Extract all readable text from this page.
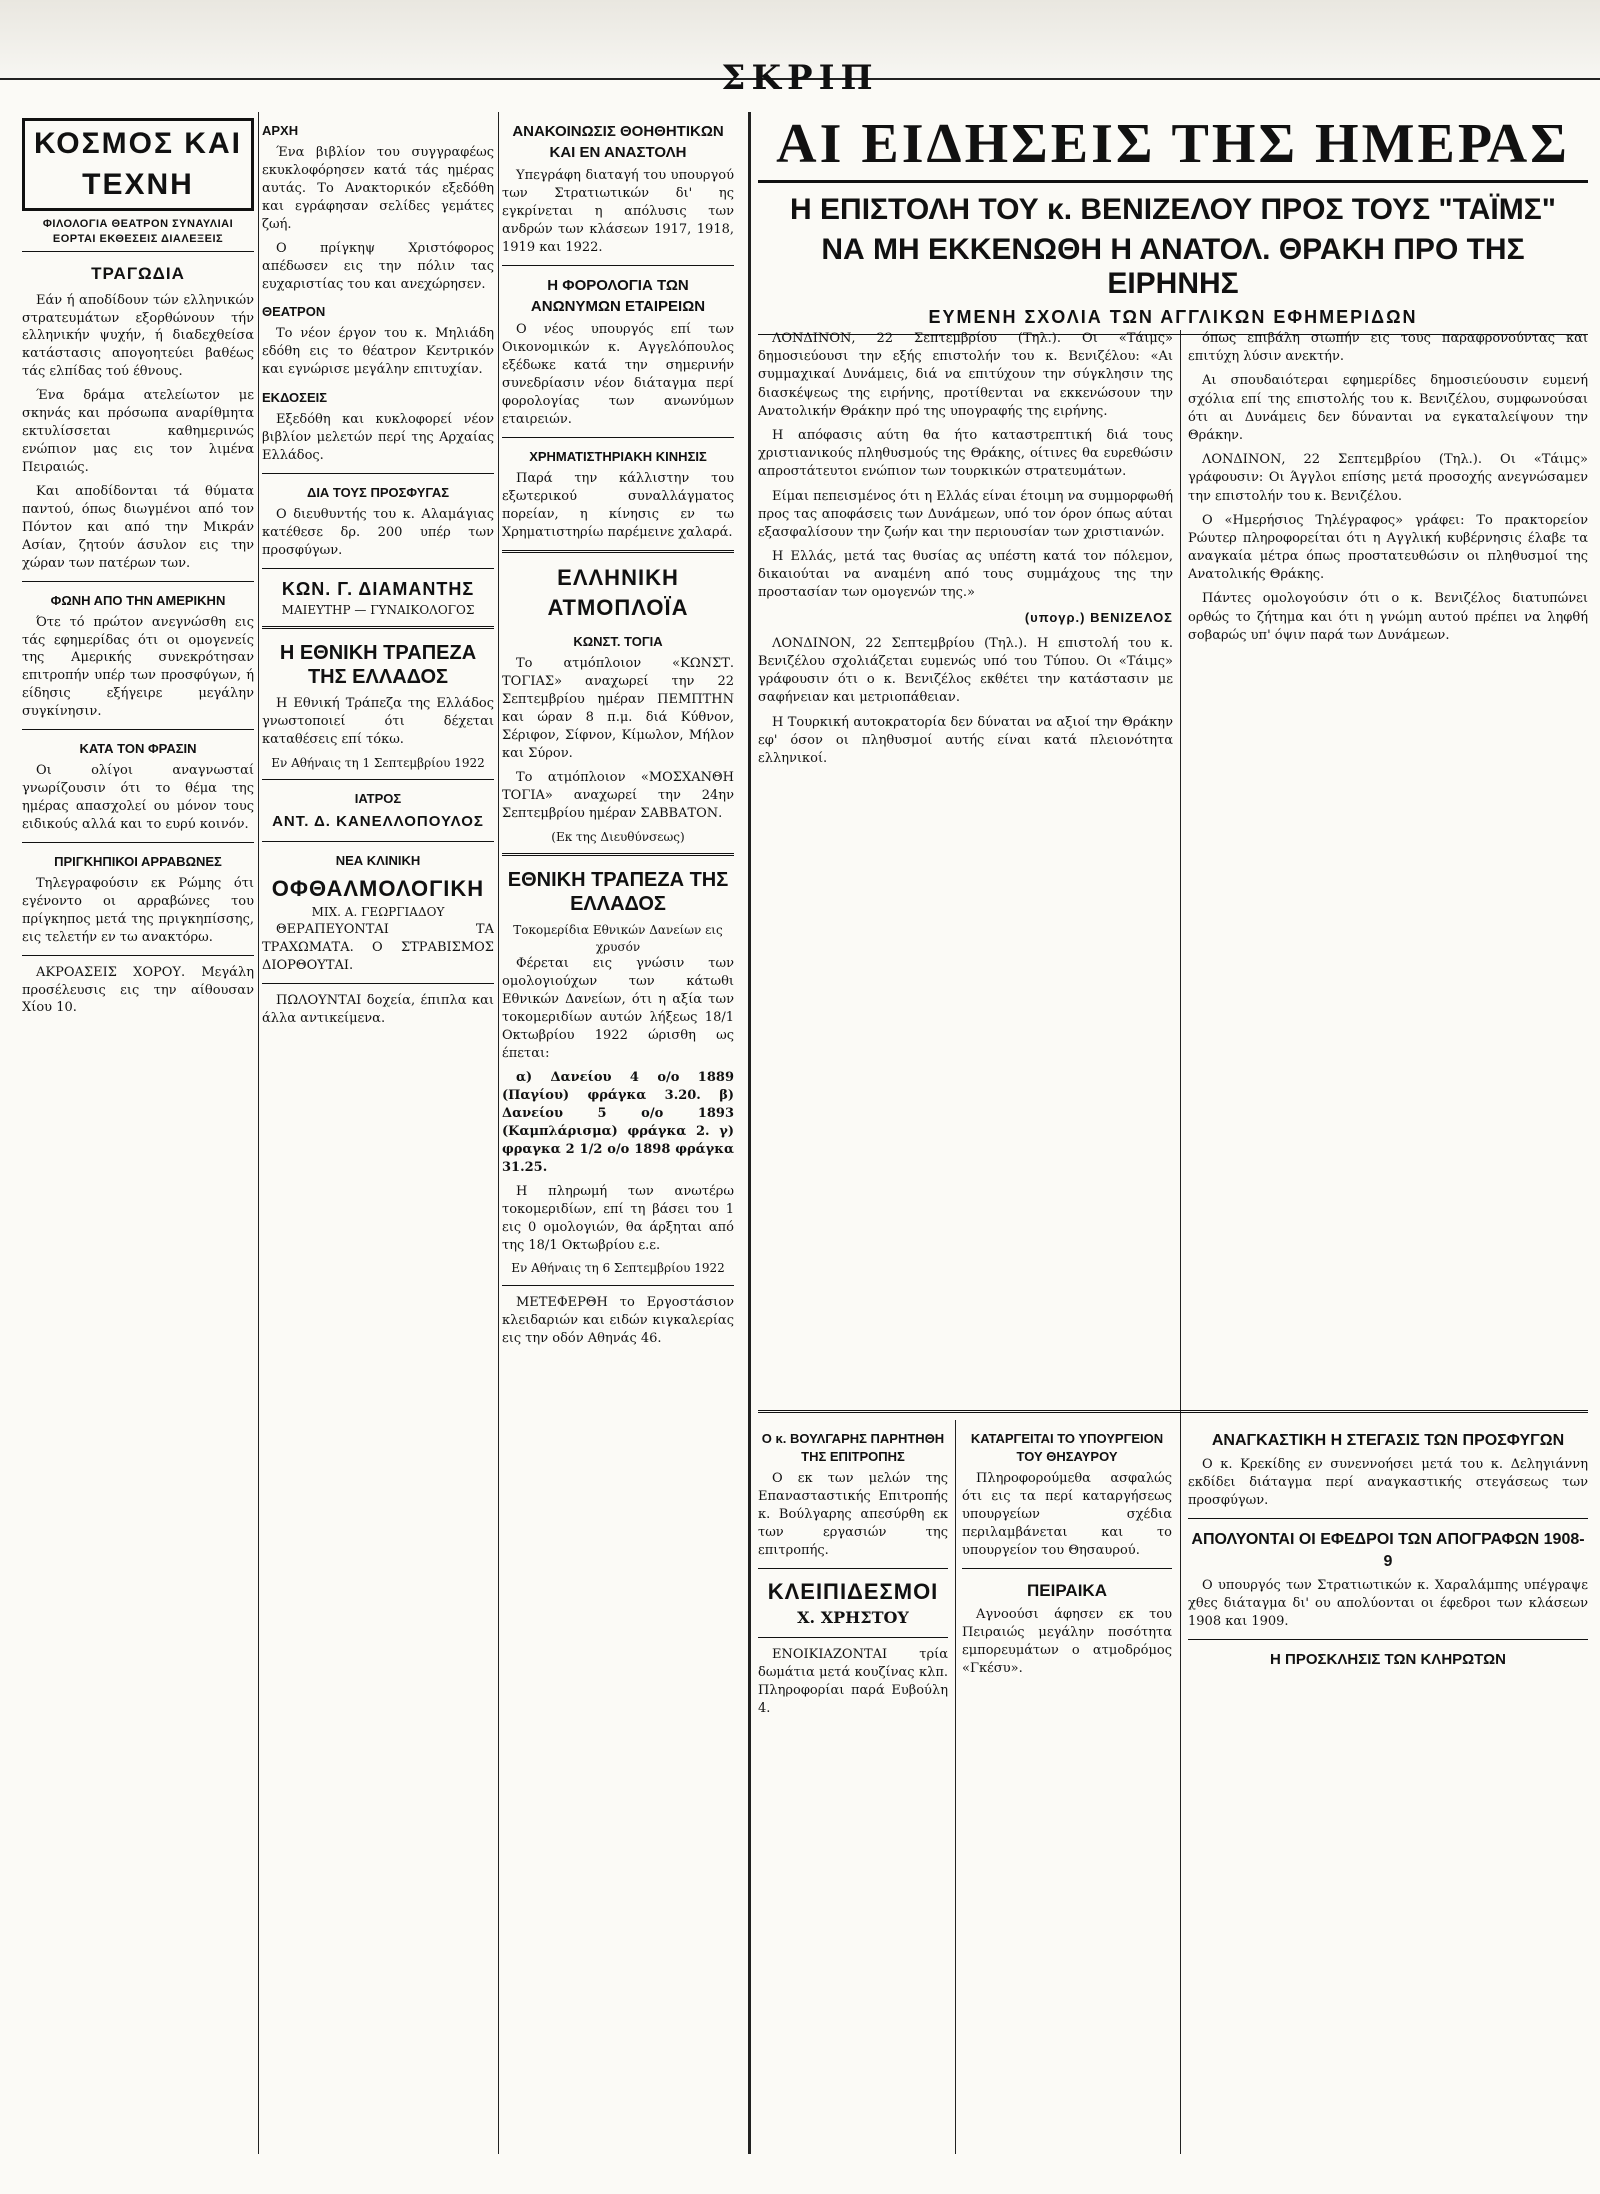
ΣΚΡΙΠ
ΚΟΣΜΟΣ ΚΑΙ ΤΕΧΝΗ
ΦΙΛΟΛΟΓΙΑ ΘΕΑΤΡΟΝ ΣΥΝΑΥΛΙΑΙ ΕΟΡΤΑΙ ΕΚΘΕΣΕΙΣ ΔΙΑΛΕΞΕΙΣ
ΤΡΑΓΩΔΙΑ

Εάν ή αποδίδουν τών ελληνικών στρατευμάτων εξορθώνουν τήν ελληνικήν ψυχήν, ή διαδεχθείσα κατάστασις απογοητεύει βαθέως τάς ελπίδας τού έθνους.

Ένα δράμα ατελείωτον με σκηνάς και πρόσωπα αναρίθμητα εκτυλίσσεται καθημερινώς ενώπιον μας εις τον λιμένα Πειραιώς.

Και αποδίδονται τά θύματα παντού, όπως διωγμένοι από τον Πόντον και από την Μικράν Ασίαν, ζητούν άσυλον εις την χώραν των πατέρων των.

ΦΩΝΗ ΑΠΟ ΤΗΝ ΑΜΕΡΙΚΗΝ

Ότε τό πρώτον ανεγνώσθη εις τάς εφημερίδας ότι οι ομογενείς της Αμερικής συνεκρότησαν επιτροπήν υπέρ των προσφύγων, ή είδησις εξήγειρε μεγάλην συγκίνησιν.

ΚΑΤΑ ΤΟΝ ΦΡΑΣΙΝ

Οι ολίγοι αναγνωσταί γνωρίζουσιν ότι το θέμα της ημέρας απασχολεί ου μόνον τους ειδικούς αλλά και το ευρύ κοινόν.

ΠΡΙΓΚΗΠΙΚΟΙ ΑΡΡΑΒΩΝΕΣ

Τηλεγραφούσιν εκ Ρώμης ότι εγένοντο οι αρραβώνες του πρίγκηπος μετά της πριγκηπίσσης, εις τελετήν εν τω ανακτόρω.

ΑΚΡΟΑΣΕΙΣ ΧΟΡΟΥ. Μεγάλη προσέλευσις εις την αίθουσαν Χίου 10.

ΑΡΧΗ

Ένα βιβλίον του συγγραφέως εκυκλοφόρησεν κατά τάς ημέρας αυτάς. Το Ανακτορικόν εξεδόθη και εγράφησαν σελίδες γεμάτες ζωή.

Ο πρίγκηψ Χριστόφορος απέδωσεν εις την πόλιν τας ευχαριστίας του και ανεχώρησεν.

ΘΕΑΤΡΟΝ

Το νέον έργον του κ. Μηλιάδη εδόθη εις το θέατρον Κεντρικόν και εγνώρισε μεγάλην επιτυχίαν.

ΕΚΔΟΣΕΙΣ

Εξεδόθη και κυκλοφορεί νέον βιβλίον μελετών περί της Αρχαίας Ελλάδος.

ΔΙΑ ΤΟΥΣ ΠΡΟΣΦΥΓΑΣ

Ο διευθυντής του κ. Αλαμάγιας κατέθεσε δρ. 200 υπέρ των προσφύγων.

ΚΩΝ. Γ. ΔΙΑΜΑΝΤΗΣ
ΜΑΙΕΥΤΗΡ — ΓΥΝΑΙΚΟΛΟΓΟΣ
Η ΕΘΝΙΚΗ ΤΡΑΠΕΖΑ ΤΗΣ ΕΛΛΑΔΟΣ

Η Εθνική Τράπεζα της Ελλάδος γνωστοποιεί ότι δέχεται καταθέσεις επί τόκω.

Εν Αθήναις τη 1 Σεπτεμβρίου 1922
ΙΑΤΡΟΣ
ΑΝΤ. Δ. ΚΑΝΕΛΛΟΠΟΥΛΟΣ
ΝΕΑ ΚΛΙΝΙΚΗ
ΟΦΘΑΛΜΟΛΟΓΙΚΗ
ΜΙΧ. Α. ΓΕΩΡΓΙΑΔΟΥ

ΘΕΡΑΠΕΥΟΝΤΑΙ ΤΑ ΤΡΑΧΩΜΑΤΑ. Ο ΣΤΡΑΒΙΣΜΟΣ ΔΙΟΡΘΟΥΤΑΙ.

ΠΩΛΟΥΝΤΑΙ δοχεία, έπιπλα και άλλα αντικείμενα.

ΑΝΑΚΟΙΝΩΣΙΣ ΘΟΗΘΗΤΙΚΩΝ ΚΑΙ ΕΝ ΑΝΑΣΤΟΛΗ

Υπεγράφη διαταγή του υπουργού των Στρατιωτικών δι' ης εγκρίνεται η απόλυσις των ανδρών των κλάσεων 1917, 1918, 1919 και 1922.

Η ΦΟΡΟΛΟΓΙΑ ΤΩΝ ΑΝΩΝΥΜΩΝ ΕΤΑΙΡΕΙΩΝ

Ο νέος υπουργός επί των Οικονομικών κ. Αγγελόπουλος εξέδωκε κατά την σημερινήν συνεδρίασιν νέον διάταγμα περί φορολογίας των ανωνύμων εταιρειών.

ΧΡΗΜΑΤΙΣΤΗΡΙΑΚΗ ΚΙΝΗΣΙΣ

Παρά την κάλλιστην του εξωτερικού συναλλάγματος πορείαν, η κίνησις εν τω Χρηματιστηρίω παρέμεινε χαλαρά.

ΕΛΛΗΝΙΚΗ ΑΤΜΟΠΛΟΪΑ
ΚΩΝΣΤ. ΤΟΓΙΑ

Το ατμόπλοιον «ΚΩΝΣΤ. ΤΟΓΙΑΣ» αναχωρεί την 22 Σεπτεμβρίου ημέραν ΠΕΜΠΤΗΝ και ώραν 8 π.μ. διά Κύθνον, Σέριφον, Σίφνον, Κίμωλον, Μήλον και Σύρον.

Το ατμόπλοιον «ΜΟΣΧΑΝΘΗ ΤΟΓΙΑ» αναχωρεί την 24ην Σεπτεμβρίου ημέραν ΣΑΒΒΑΤΟΝ.

(Εκ της Διευθύνσεως)
ΕΘΝΙΚΗ ΤΡΑΠΕΖΑ ΤΗΣ ΕΛΛΑΔΟΣ
Τοκομερίδια Εθνικών Δανείων εις χρυσόν

Φέρεται εις γνώσιν των ομολογιούχων των κάτωθι Εθνικών Δανείων, ότι η αξία των τοκομεριδίων αυτών λήξεως 18/1 Οκτωβρίου 1922 ώρισθη ως έπεται:

α) Δανείου 4 ο/ο 1889 (Παγίου) φράγκα 3.20. β) Δανείου 5 ο/ο 1893 (Καμπλάρισμα) φράγκα 2. γ) φραγκα 2 1/2 ο/ο 1898 φράγκα 31.25.

Η πληρωμή των ανωτέρω τοκομεριδίων, επί τη βάσει του 1 εις 0 ομολογιών, θα άρξηται από της 18/1 Οκτωβρίου ε.ε.

Εν Αθήναις τη 6 Σεπτεμβρίου 1922

ΜΕΤΕΦΕΡΘΗ το Εργοστάσιον κλειδαριών και ειδών κιγκαλερίας εις την οδόν Αθηνάς 46.

ΑΙ ΕΙΔΗΣΕΙΣ ΤΗΣ ΗΜΕΡΑΣ
Η ΕΠΙΣΤΟΛΗ ΤΟΥ κ. ΒΕΝΙΖΕΛΟΥ ΠΡΟΣ ΤΟΥΣ "ΤΑΪΜΣ"
ΝΑ ΜΗ ΕΚΚΕΝΩΘΗ Η ΑΝΑΤΟΛ. ΘΡΑΚΗ ΠΡΟ ΤΗΣ ΕΙΡΗΝΗΣ
ΕΥΜΕΝΗ ΣΧΟΛΙΑ ΤΩΝ ΑΓΓΛΙΚΩΝ ΕΦΗΜΕΡΙΔΩΝ

ΛΟΝΔΙΝΟΝ, 22 Σεπτεμβρίου (Τηλ.). Οι «Τάιμς» δημοσιεύουσι την εξής επιστολήν του κ. Βενιζέλου: «Αι συμμαχικαί Δυνάμεις, διά να επιτύχουν την σύγκλησιν της διασκέψεως της ειρήνης, προτίθενται να εκκενώσουν την Ανατολικήν Θράκην πρό της υπογραφής της ειρήνης.

Η απόφασις αύτη θα ήτο καταστρεπτική διά τους χριστιανικούς πληθυσμούς της Θράκης, οίτινες θα ευρεθώσιν απροστάτευτοι ενώπιον των τουρκικών στρατευμάτων.

Είμαι πεπεισμένος ότι η Ελλάς είναι έτοιμη να συμμορφωθή προς τας αποφάσεις των Δυνάμεων, υπό τον όρον όπως αύται εξασφαλίσουν την ζωήν και την περιουσίαν των χριστιανών.

Η Ελλάς, μετά τας θυσίας ας υπέστη κατά τον πόλεμον, δικαιούται να αναμένη από τους συμμάχους της την προστασίαν των ομογενών της.»

(υπογρ.) ΒΕΝΙΖΕΛΟΣ

ΛΟΝΔΙΝΟΝ, 22 Σεπτεμβρίου (Τηλ.). Η επιστολή του κ. Βενιζέλου σχολιάζεται ευμενώς υπό του Τύπου. Οι «Τάιμς» γράφουσιν ότι ο κ. Βενιζέλος εκθέτει την κατάστασιν με σαφήνειαν και μετριοπάθειαν.

Η Τουρκική αυτοκρατορία δεν δύναται να αξιοί την Θράκην εφ' όσον οι πληθυσμοί αυτής είναι κατά πλειονότητα ελληνικοί.

όπως επιβάλη σιωπήν εις τους παραφρονούντας και επιτύχη λύσιν ανεκτήν.

Αι σπουδαιότεραι εφημερίδες δημοσιεύουσιν ευμενή σχόλια επί της επιστολής του κ. Βενιζέλου, συμφωνούσαι ότι αι Δυνάμεις δεν δύνανται να εγκαταλείψουν την Θράκην.

ΛΟΝΔΙΝΟΝ, 22 Σεπτεμβρίου (Τηλ.). Οι «Τάιμς» γράφουσιν: Οι Άγγλοι επίσης μετά προσοχής ανεγνώσαμεν την επιστολήν του κ. Βενιζέλου.

Ο «Ημερήσιος Τηλέγραφος» γράφει: Το πρακτορείον Ρώυτερ πληροφορείται ότι η Αγγλική κυβέρνησις έλαβε τα αναγκαία μέτρα όπως προστατευθώσιν οι πληθυσμοί της Ανατολικής Θράκης.

Πάντες ομολογούσιν ότι ο κ. Βενιζέλος διατυπώνει ορθώς το ζήτημα και ότι η γνώμη αυτού πρέπει να ληφθή σοβαρώς υπ' όψιν παρά των Δυνάμεων.

Ο κ. ΒΟΥΛΓΑΡΗΣ ΠΑΡΗΤΗΘΗ ΤΗΣ ΕΠΙΤΡΟΠΗΣ

Ο εκ των μελών της Επανασταστικής Επιτροπής κ. Βούλγαρης απεσύρθη εκ των εργασιών της επιτροπής.

ΚΛΕΙΠΙΔΕΣΜΟΙ
Χ. ΧΡΗΣΤΟΥ

ΕΝΟΙΚΙΑΖΟΝΤΑΙ τρία δωμάτια μετά κουζίνας κλπ. Πληροφορίαι παρά Ευβούλη 4.

ΚΑΤΑΡΓΕΙΤΑΙ ΤΟ ΥΠΟΥΡΓΕΙΟΝ ΤΟΥ ΘΗΣΑΥΡΟΥ

Πληροφορούμεθα ασφαλώς ότι εις τα περί καταργήσεως υπουργείων σχέδια περιλαμβάνεται και το υπουργείον του Θησαυρού.

ΠΕΙΡΑΙΚΑ

Αγνοούσι άφησεν εκ του Πειραιώς μεγάλην ποσότητα εμπορευμάτων ο ατμοδρόμος «Γκέσυ».

ΑΝΑΓΚΑΣΤΙΚΗ Η ΣΤΕΓΑΣΙΣ ΤΩΝ ΠΡΟΣΦΥΓΩΝ

Ο κ. Κρεκίδης εν συνεννοήσει μετά του κ. Δεληγιάννη εκδίδει διάταγμα περί αναγκαστικής στεγάσεως των προσφύγων.

ΑΠΟΛΥΟΝΤΑΙ ΟΙ ΕΦΕΔΡΟΙ ΤΩΝ ΑΠΟΓΡΑΦΩΝ 1908-9

Ο υπουργός των Στρατιωτικών κ. Χαραλάμπης υπέγραψε χθες διάταγμα δι' ου απολύονται οι έφεδροι των κλάσεων 1908 και 1909.

Η ΠΡΟΣΚΛΗΣΙΣ ΤΩΝ ΚΛΗΡΩΤΩΝ
